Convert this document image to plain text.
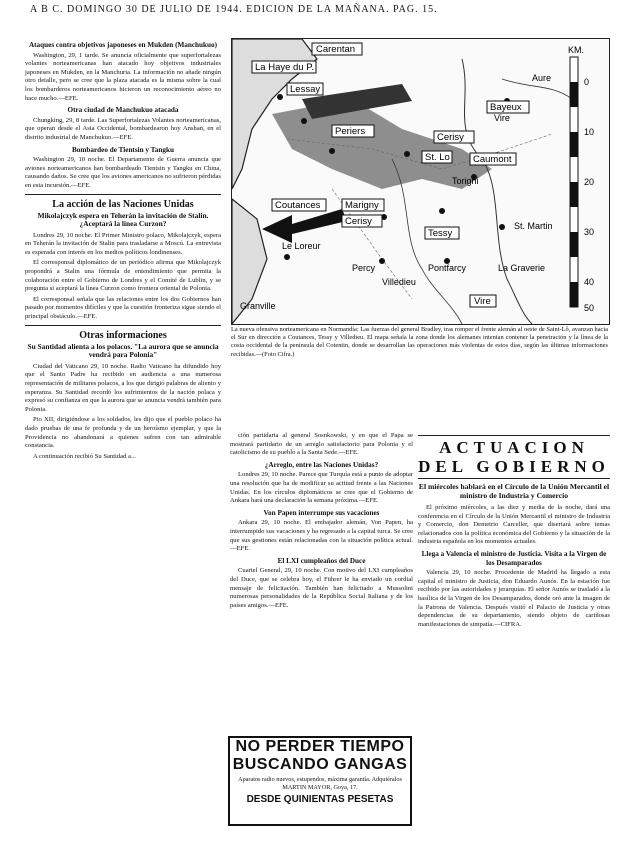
A B C. DOMINGO 30 DE JULIO DE 1944. EDICION DE LA MAÑANA. PAG. 15.
Ataques contra objetivos japoneses en Mukden (Manchukuo)

Washington, 29, 1 tarde. Se anuncia oficialmente que superfortalezas volantes norteamericanas han atacado hoy objetivos industriales japoneses en Mukden, en la Manchuria. La información no añade ningún otro detalle, pero se cree que la plaza atacada es la misma sobre la cual los bombarderos norteamericanos hicieron un reconocimiento aéreo no hace mucho.—EFE.

Otra ciudad de Manchukuo atacada

Chungking, 29, 8 tarde. Las Superfortalezas Volantes norteamericanas, que operan desde el Asia Occidental, bombardearon hoy Anshan, en el distrito industrial de Manchukuo.—EFE.

Bombardeo de Tientsin y Tangku

Washington 29, 10 noche. El Departamento de Guerra anuncia que aviones norteamericanos han bombardeado Tientsin y Tangku en China, causando daños. Se cree que los aviones americanos no sufrieron pérdidas en esta incursión.—EFE.

La acción de las Naciones Unidas
Mikolajczyk espera en Teherán la invitación de Stalin. ¿Aceptará la línea Curzon?

Londres 29, 10 noche. El Primer Ministro polaco, Mikolajczyk, espera en Teherán la invitación de Stalin para trasladarse a Moscú. La entrevista es esperada con interés en los medios políticos londinenses.

El corresponsal diplomático de un periódico afirma que Mikolajczyk propondrá a Stalin una fórmula de entendimiento que permita la colaboración entre el Gobierno de Londres y el Comité de Lublin, y se pregunta si aceptará la línea Curzon como frontera oriental de Polonia.

El corresponsal señala que las relaciones entre los dos Gobiernos han pasado por momentos difíciles y que la cuestión fronteriza sigue siendo el principal obstáculo.—EFE.

Otras informaciones
Su Santidad alienta a los polacos. "La aurora que se anuncia vendrá para Polonia"

Ciudad del Vaticano 29, 10 noche. Radio Vaticano ha difundido hoy que el Santo Padre ha recibido en audiencia a una numerosa representación de militares polacos, a los que dirigió palabras de aliento y esperanza. Su Santidad recordó los sufrimientos de la nación polaca y expresó su confianza en que la aurora que se anuncia vendrá también para Polonia.

Pio XII, dirigiéndose a los soldados, les dijo que el pueblo polaco ha dado pruebas de una fe profunda y de un heroísmo ejemplar, y que la Providencia no abandonará a quienes sufren con tan admirable constancia.

A continuación recibió Su Santidad a...

Carentan
La Haye du P.
Lessay
Periers
Bayeux
Cerisy
St. Lo Caumont
Torigni
Coutances	Marigny
Cerisy
Tessy
St. Martin
La Graverie
Le Loreur
Percy	Pontfarcy
Villedieu
Vire
Granville
Aure
Vire
KM.
0
10
20
30
40
50
La nueva ofensiva norteamericana en Normandía: Las fuerzas del general Bradley, tras romper el frente alemán al oeste de Saint-Lô, avanzan hacia el Sur en dirección a Coutances, Tessy y Villedieu. El mapa señala la zona donde los alemanes intentan contener la penetración y la línea de la costa occidental de la península del Cotentin, donde se desarrollan las operaciones más violentas de estos días, según las últimas informaciones recibidas.—(Foto Cifra.)

ción partidaria al general Sosnkowski, y en que el Papa se mostrará partidario de un arreglo satisfactorio para Polonia y el catolicismo de su pueblo a la Santa Sede.—EFE.

¿Arreglo, entre las Naciones Unidas?

Londres 29, 10 noche. Parece que Turquía está a punto de adoptar una resolución que ha de modificar su actitud frente a las Naciones Unidas. En los círculos diplomáticos se cree que el Gobierno de Ankara hará una declaración la semana próxima.—EFE.

Von Papen interrumpe sus vacaciones

Ankara 29, 10 noche. El embajador alemán, Von Papen, ha interrumpido sus vacaciones y ha regresado a la capital turca. Se cree que sus gestiones están relacionadas con la situación política actual.—EFE.

El LXI cumpleaños del Duce

Cuartel General, 29, 10 noche. Con motivo del LXI cumpleaños del Duce, que se celebra hoy, el Führer le ha enviado un cordial mensaje de felicitación. También han felicitado a Mussolini numerosas personalidades de la República Social Italiana y de los países amigos.—EFE.

ACTUACION
DEL GOBIERNO
El miércoles hablará en el Círculo de la Unión Mercantil el ministro de Industria y Comercio

El próximo miércoles, a las diez y media de la noche, dará una conferencia en el Círculo de la Unión Mercantil el ministro de Industria y Comercio, don Demetrio Carceller, que disertará sobre temas relacionados con la política económica del Gobierno y la situación de la industria española en los momentos actuales.

Llega a Valencia el ministro de Justicia. Visita a la Virgen de los Desamparados

Valencia 29, 10 noche. Procedente de Madrid ha llegado a esta capital el ministro de Justicia, don Eduardo Aunós. En la estación fue recibido por las autoridades y jerarquías. El señor Aunós se trasladó a la basílica de la Virgen de los Desamparados, donde oró ante la imagen de la Patrona de Valencia. Después visitó el Palacio de Justicia y otras dependencias de su departamento, siendo objeto de cariñosas manifestaciones de simpatía.—CIFRA.

NO PERDER TIEMPO
BUSCANDO GANGAS
Aparatos radio nuevos, estupendos, máxima garantía. Adquiéralos MARTIN MAYOR, Goya, 17.
DESDE QUINIENTAS PESETAS
